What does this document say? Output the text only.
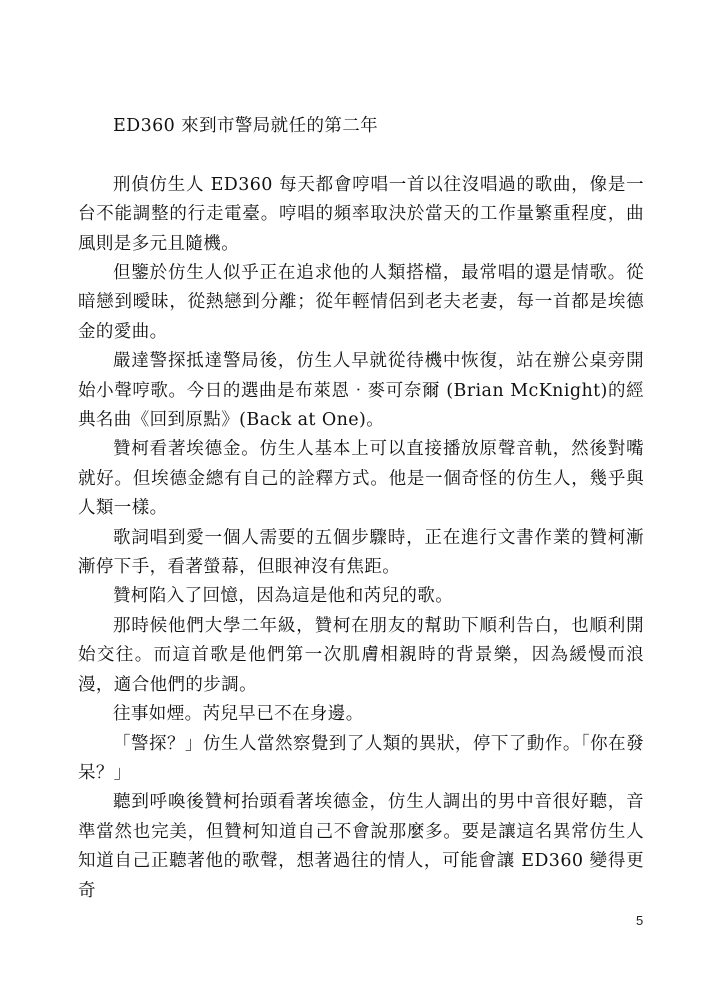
ED360 來到市警局就任的第二年

刑偵仿生人 ED360 每天都會哼唱一首以往沒唱過的歌曲，像是一台不能調整的行走電臺。哼唱的頻率取決於當天的工作量繁重程度，曲風則是多元且隨機。

但鑒於仿生人似乎正在追求他的人類搭檔，最常唱的還是情歌。從暗戀到曖昧，從熱戀到分離；從年輕情侶到老夫老妻，每一首都是埃德金的愛曲。

嚴達警探抵達警局後，仿生人早就從待機中恢復，站在辦公桌旁開始小聲哼歌。今日的選曲是布萊恩‧麥可奈爾 (Brian McKnight)的經典名曲《回到原點》(Back at One)。

贊柯看著埃德金。仿生人基本上可以直接播放原聲音軌，然後對嘴就好。但埃德金總有自己的詮釋方式。他是一個奇怪的仿生人，幾乎與人類一樣。

歌詞唱到愛一個人需要的五個步驟時，正在進行文書作業的贊柯漸漸停下手，看著螢幕，但眼神沒有焦距。

贊柯陷入了回憶，因為這是他和芮兒的歌。

那時候他們大學二年級，贊柯在朋友的幫助下順利告白，也順利開始交往。而這首歌是他們第一次肌膚相親時的背景樂，因為緩慢而浪漫，適合他們的步調。

往事如煙。芮兒早已不在身邊。

「警探？」仿生人當然察覺到了人類的異狀，停下了動作。「你在發呆？」

聽到呼喚後贊柯抬頭看著埃德金，仿生人調出的男中音很好聽，音準當然也完美，但贊柯知道自己不會說那麼多。要是讓這名異常仿生人知道自己正聽著他的歌聲，想著過往的情人，可能會讓 ED360 變得更奇

5
